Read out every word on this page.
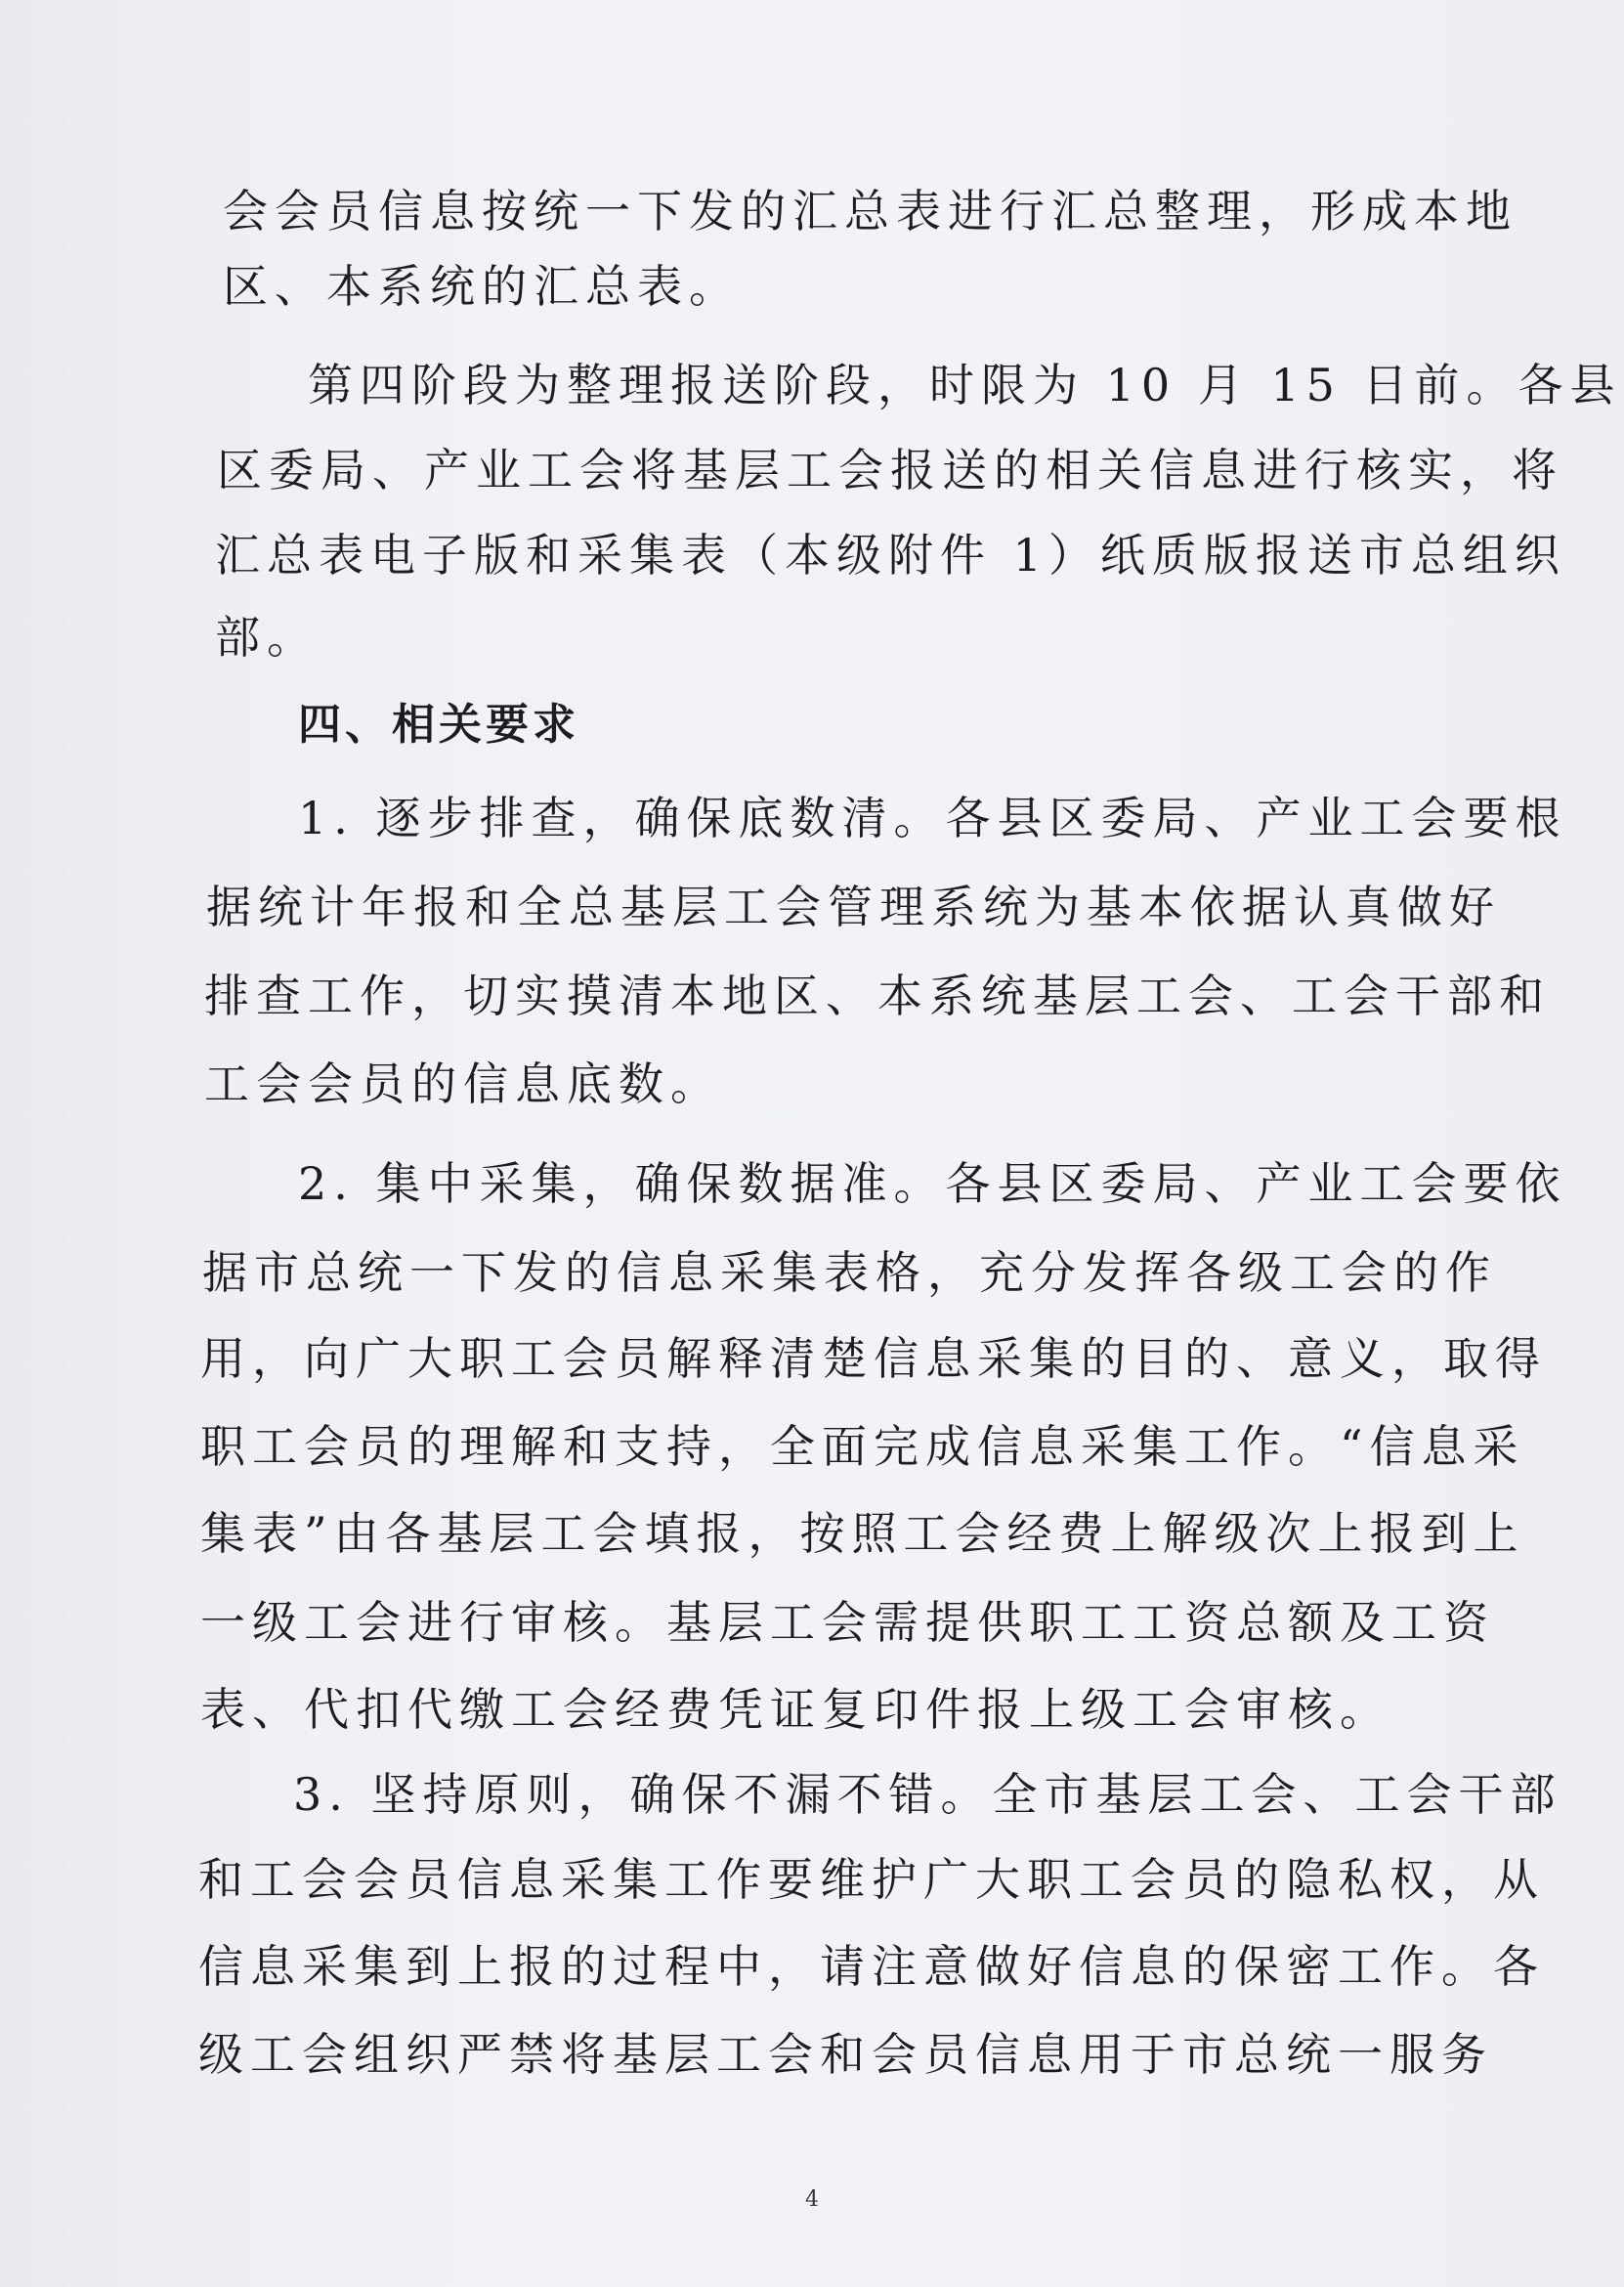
会会员信息按统一下发的汇总表进行汇总整理，形成本地

区、本系统的汇总表。

第四阶段为整理报送阶段，时限为 10 月 15 日前。各县

区委局、产业工会将基层工会报送的相关信息进行核实，将

汇总表电子版和采集表（本级附件 1）纸质版报送市总组织

部。

四、相关要求

1. 逐步排查，确保底数清。各县区委局、产业工会要根

据统计年报和全总基层工会管理系统为基本依据认真做好

排查工作，切实摸清本地区、本系统基层工会、工会干部和

工会会员的信息底数。

2. 集中采集，确保数据准。各县区委局、产业工会要依

据市总统一下发的信息采集表格，充分发挥各级工会的作

用，向广大职工会员解释清楚信息采集的目的、意义，取得

职工会员的理解和支持，全面完成信息采集工作。“信息采

集表”由各基层工会填报，按照工会经费上解级次上报到上

一级工会进行审核。基层工会需提供职工工资总额及工资

表、代扣代缴工会经费凭证复印件报上级工会审核。

3. 坚持原则，确保不漏不错。全市基层工会、工会干部

和工会会员信息采集工作要维护广大职工会员的隐私权，从

信息采集到上报的过程中，请注意做好信息的保密工作。各

级工会组织严禁将基层工会和会员信息用于市总统一服务

4
